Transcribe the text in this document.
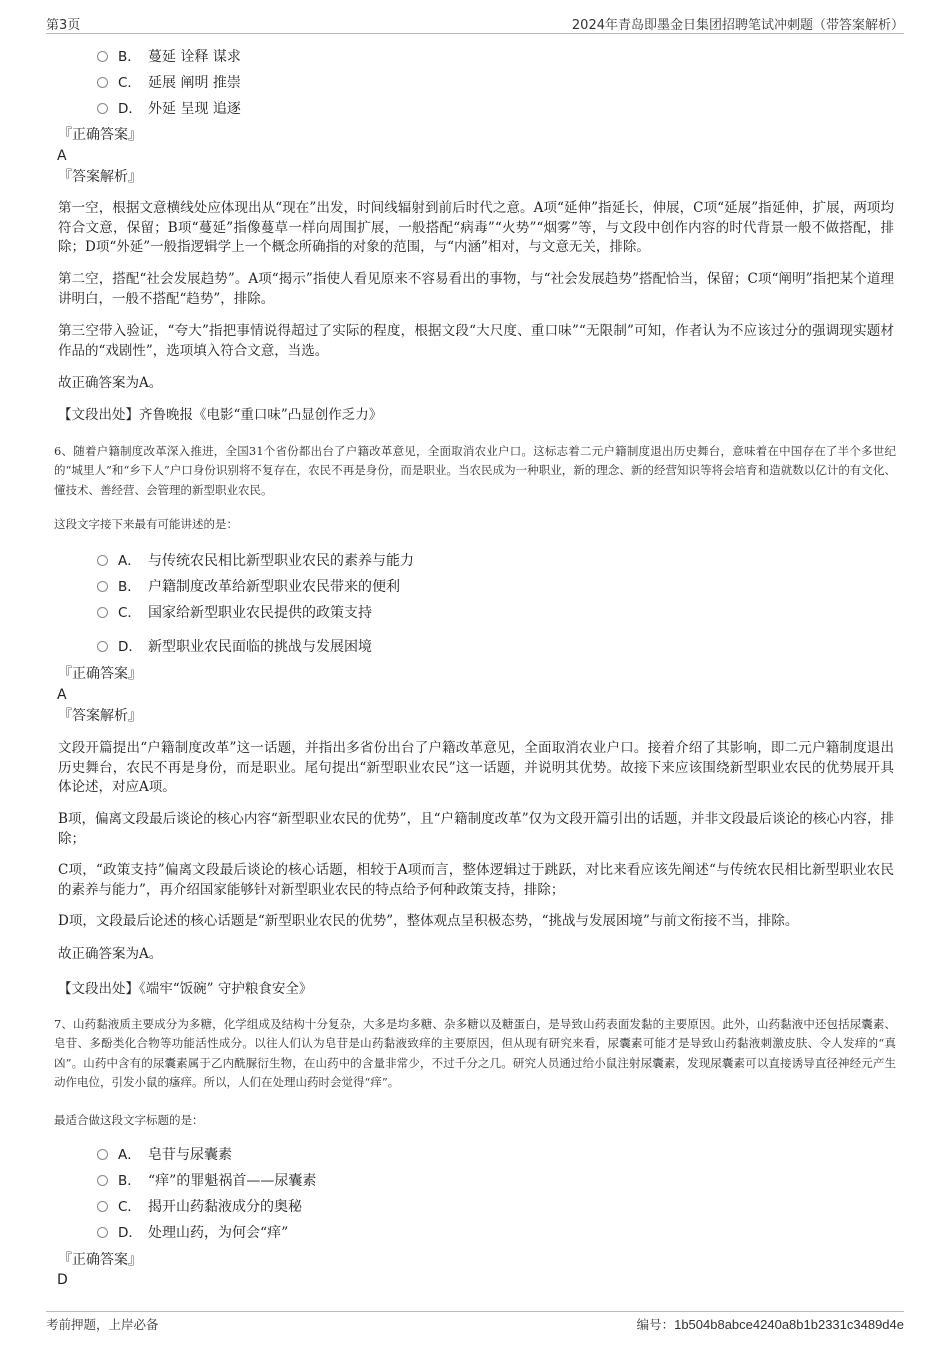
第3页	2024年青岛即墨金日集团招聘笔试冲刺题（带答案解析）
B． 蔓延 诠释 谋求
C． 延展 阐明 推崇
D． 外延 呈现 追逐
『正确答案』
A
『答案解析』
第一空，根据文意横线处应体现出从“现在”出发，时间线辐射到前后时代之意。A项“延伸”指延长，伸展，C项“延展”指延伸，扩展，两项均符合文意，保留；B项“蔓延”指像蔓草一样向周围扩展，一般搭配“病毒”“火势”“烟雾”等，与文段中创作内容的时代背景一般不做搭配，排除；D项“外延”一般指逻辑学上一个概念所确指的对象的范围，与“内涵”相对，与文意无关，排除。
第二空，搭配“社会发展趋势”。A项“揭示”指使人看见原来不容易看出的事物，与“社会发展趋势”搭配恰当，保留；C项“阐明”指把某个道理讲明白，一般不搭配“趋势”，排除。
第三空带入验证，“夸大”指把事情说得超过了实际的程度，根据文段“大尺度、重口味”“无限制”可知，作者认为不应该过分的强调现实题材作品的“戏剧性”，选项填入符合文意，当选。
故正确答案为A。
【文段出处】齐鲁晚报《电影“重口味”凸显创作乏力》
6、随着户籍制度改革深入推进，全国31个省份都出台了户籍改革意见，全面取消农业户口。这标志着二元户籍制度退出历史舞台，意味着在中国存在了半个多世纪的“城里人”和“乡下人”户口身份识别将不复存在，农民不再是身份，而是职业。当农民成为一种职业，新的理念、新的经营知识等将会培育和造就数以亿计的有文化、懂技术、善经营、会管理的新型职业农民。
这段文字接下来最有可能讲述的是：
A． 与传统农民相比新型职业农民的素养与能力
B． 户籍制度改革给新型职业农民带来的便利
C． 国家给新型职业农民提供的政策支持
D． 新型职业农民面临的挑战与发展困境
『正确答案』
A
『答案解析』
文段开篇提出“户籍制度改革”这一话题，并指出多省份出台了户籍改革意见，全面取消农业户口。接着介绍了其影响，即二元户籍制度退出历史舞台，农民不再是身份，而是职业。尾句提出“新型职业农民”这一话题，并说明其优势。故接下来应该围绕新型职业农民的优势展开具体论述，对应A项。
B项，偏离文段最后谈论的核心内容“新型职业农民的优势”，且“户籍制度改革”仅为文段开篇引出的话题，并非文段最后谈论的核心内容，排除；
C项，“政策支持”偏离文段最后谈论的核心话题，相较于A项而言，整体逻辑过于跳跃，对比来看应该先阐述“与传统农民相比新型职业农民的素养与能力”，再介绍国家能够针对新型职业农民的特点给予何种政策支持，排除；
D项，文段最后论述的核心话题是“新型职业农民的优势”，整体观点呈积极态势，“挑战与发展困境”与前文衔接不当，排除。
故正确答案为A。
【文段出处】《端牢“饭碗” 守护粮食安全》
7、山药黏液质主要成分为多糖，化学组成及结构十分复杂，大多是均多糖、杂多糖以及糖蛋白，是导致山药表面发黏的主要原因。此外，山药黏液中还包括尿囊素、皂苷、多酚类化合物等功能活性成分。以往人们认为皂苷是山药黏液致痒的主要原因，但从现有研究来看，尿囊素可能才是导致山药黏液刺激皮肤、令人发痒的“真凶”。山药中含有的尿囊素属于乙内酰脲衍生物，在山药中的含量非常少，不过千分之几。研究人员通过给小鼠注射尿囊素，发现尿囊素可以直接诱导直径神经元产生动作电位，引发小鼠的瘙痒。所以，人们在处理山药时会觉得“痒”。
最适合做这段文字标题的是：
A． 皂苷与尿囊素
B． “痒”的罪魁祸首——尿囊素
C． 揭开山药黏液成分的奥秘
D． 处理山药，为何会“痒”
『正确答案』
D
考前押题，上岸必备	编号：1b504b8abce4240a8b1b2331c3489d4e
